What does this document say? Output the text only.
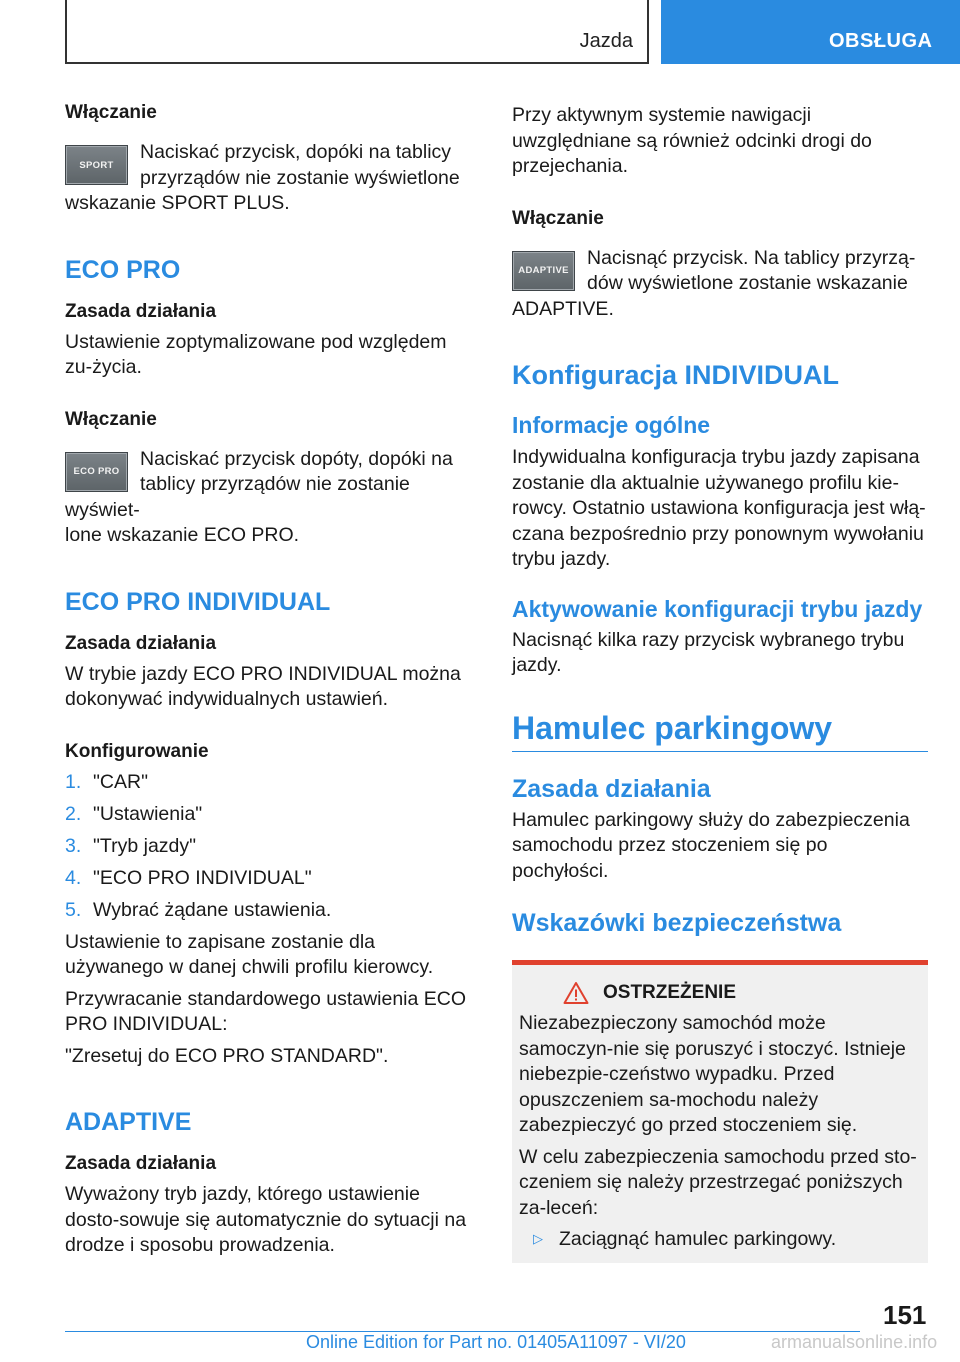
Jazda	OBSŁUGA
Włączanie
SPORT

Naciskać przycisk, dopóki na tablicy przyrządów nie zostanie wyświetlone

wskazanie SPORT PLUS.

ECO PRO
Zasada działania

Ustawienie zoptymalizowane pod względem zu-życia.

Włączanie
ECO PRO

Naciskać przycisk dopóty, dopóki na tablicy przyrządów nie zostanie wyświet-

lone wskazanie ECO PRO.

ECO PRO INDIVIDUAL
Zasada działania

W trybie jazdy ECO PRO INDIVIDUAL można dokonywać indywidualnych ustawień.

Konfigurowanie
1. "CAR"
2. "Ustawienia"
3. "Tryb jazdy"
4. "ECO PRO INDIVIDUAL"
5. Wybrać żądane ustawienia.

Ustawienie to zapisane zostanie dla używanego w danej chwili profilu kierowcy.

Przywracanie standardowego ustawienia ECO PRO INDIVIDUAL:

"Zresetuj do ECO PRO STANDARD".

ADAPTIVE
Zasada działania

Wyważony tryb jazdy, którego ustawienie dosto-sowuje się automatycznie do sytuacji na drodze i sposobu prowadzenia.

Przy aktywnym systemie nawigacji uwzględniane są również odcinki drogi do przejechania.

Włączanie
ADAPTIVE

Nacisnąć przycisk. Na tablicy przyrzą-dów wyświetlone zostanie wskazanie

ADAPTIVE.

Konfiguracja INDIVIDUAL
Informacje ogólne

Indywidualna konfiguracja trybu jazdy zapisana zostanie dla aktualnie używanego profilu kie-rowcy. Ostatnio ustawiona konfiguracja jest włą-czana bezpośrednio przy ponownym wywołaniu trybu jazdy.

Aktywowanie konfiguracji trybu jazdy

Nacisnąć kilka razy przycisk wybranego trybu jazdy.

Hamulec parkingowy
Zasada działania

Hamulec parkingowy służy do zabezpieczenia samochodu przez stoczeniem się po pochyłości.

Wskazówki bezpieczeństwa
OSTRZEŻENIE

Niezabezpieczony samochód może samoczyn-nie się poruszyć i stoczyć. Istnieje niebezpie-czeństwo wypadku. Przed opuszczeniem sa-mochodu należy zabezpieczyć go przed stoczeniem się.

W celu zabezpieczenia samochodu przed sto-czeniem się należy przestrzegać poniższych za-leceń:

▷ Zaciągnąć hamulec parkingowy.

151
Online Edition for Part no. 01405A11097 - VI/20	armanualsonline.info
